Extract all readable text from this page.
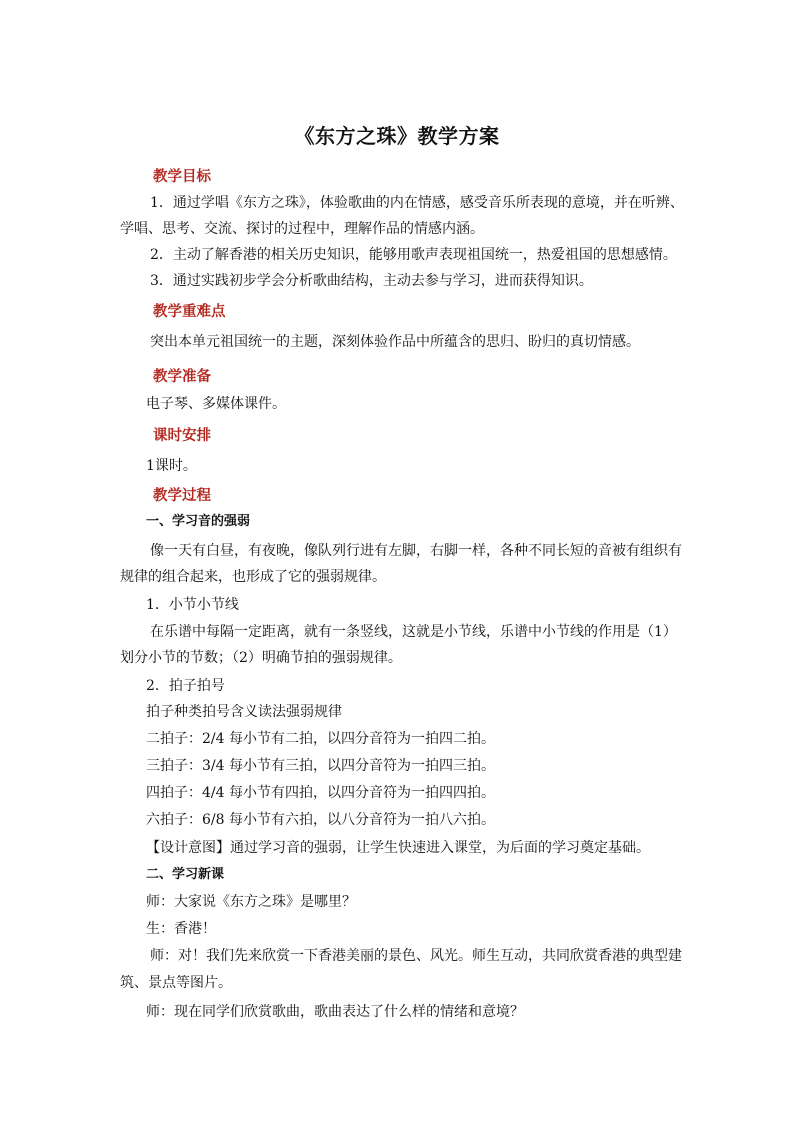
《东方之珠》教学方案

教学目标

1．通过学唱《东方之珠》，体验歌曲的内在情感，感受音乐所表现的意境，并在听辨、

学唱、思考、交流、探讨的过程中，理解作品的情感内涵。

2．主动了解香港的相关历史知识，能够用歌声表现祖国统一，热爱祖国的思想感情。

3．通过实践初步学会分析歌曲结构，主动去参与学习，进而获得知识。

教学重难点

突出本单元祖国统一的主题，深刻体验作品中所蕴含的思归、盼归的真切情感。

教学准备

电子琴、多媒体课件。

课时安排

1课时。

教学过程

一、学习音的强弱

像一天有白昼，有夜晚，像队列行进有左脚，右脚一样，各种不同长短的音被有组织有

规律的组合起来，也形成了它的强弱规律。

1．小节小节线

在乐谱中每隔一定距离，就有一条竖线，这就是小节线，乐谱中小节线的作用是（1）

划分小节的节数；（2）明确节拍的强弱规律。

2．拍子拍号

拍子种类拍号含义读法强弱规律

二拍子：2/4 每小节有二拍，以四分音符为一拍四二拍。

三拍子：3/4 每小节有三拍，以四分音符为一拍四三拍。

四拍子：4/4 每小节有四拍，以四分音符为一拍四四拍。

六拍子：6/8 每小节有六拍，以八分音符为一拍八六拍。

【设计意图】通过学习音的强弱，让学生快速进入课堂，为后面的学习奠定基础。

二、学习新课

师：大家说《东方之珠》是哪里？

生：香港！

师：对！我们先来欣赏一下香港美丽的景色、风光。师生互动，共同欣赏香港的典型建

筑、景点等图片。

师：现在同学们欣赏歌曲，歌曲表达了什么样的情绪和意境？
